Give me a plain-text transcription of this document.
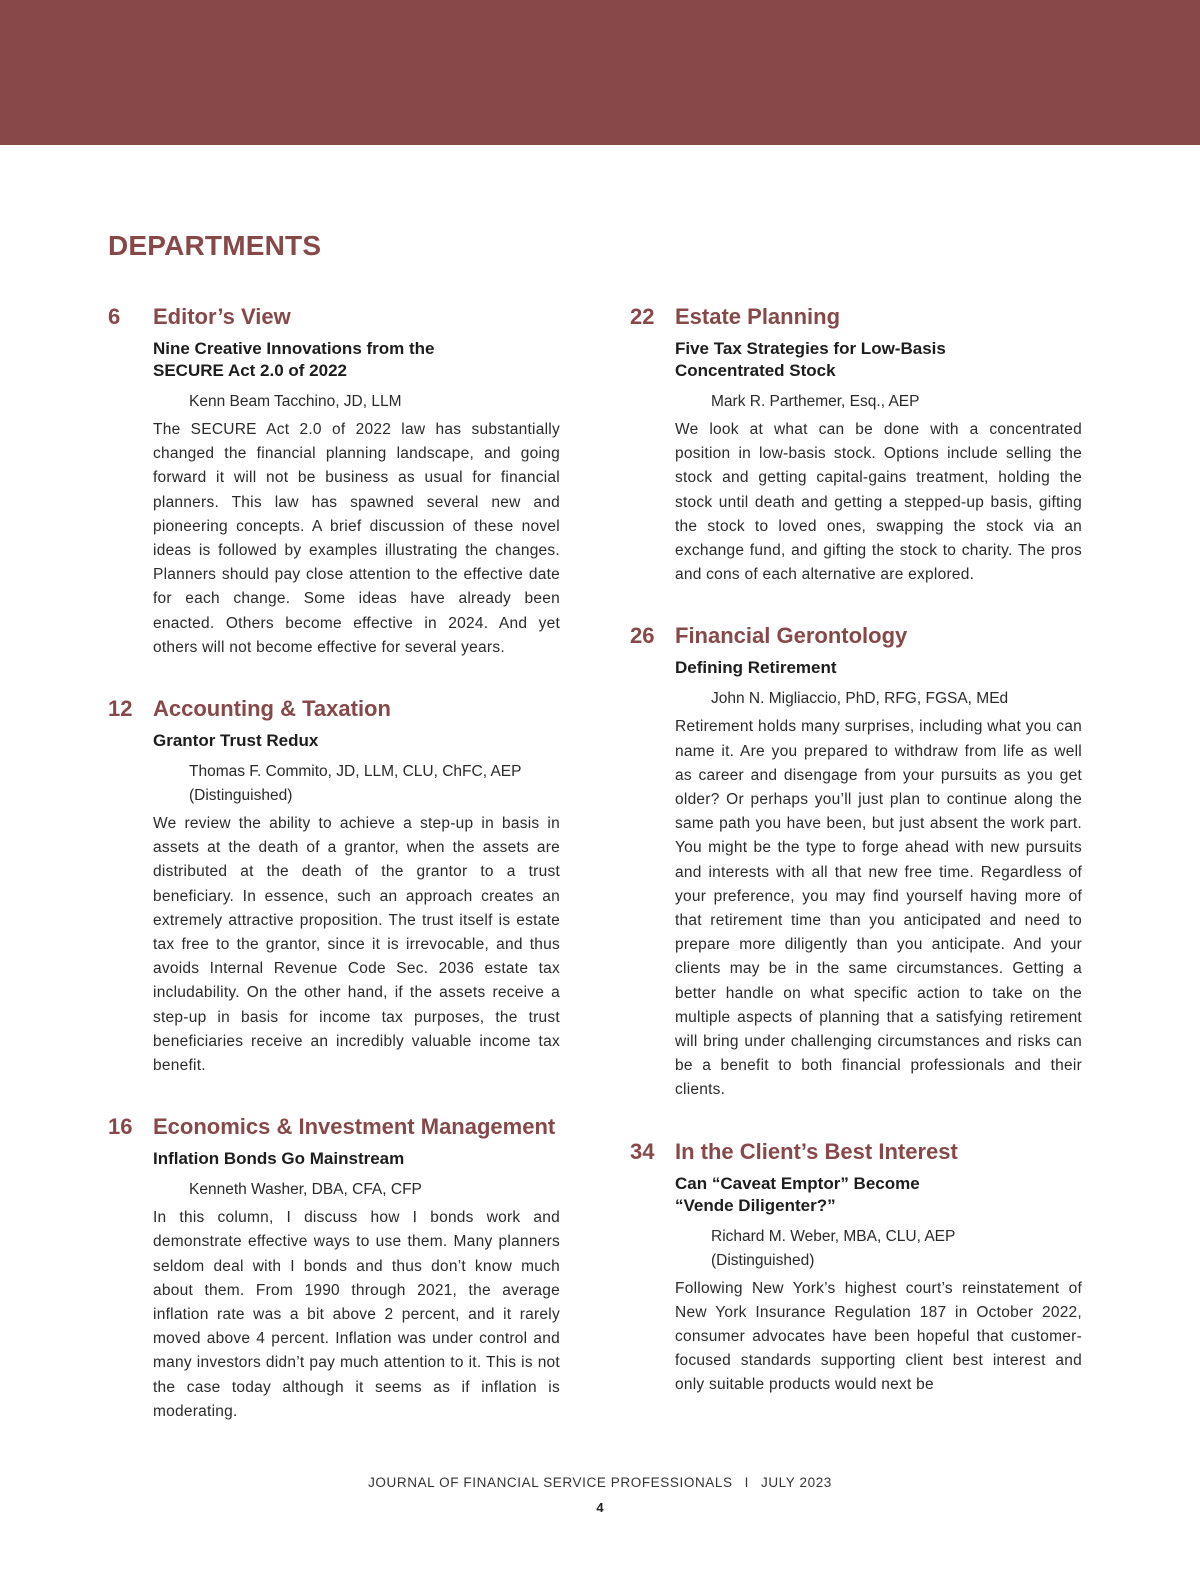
DEPARTMENTS
6	Editor’s View
Nine Creative Innovations from the SECURE Act 2.0 of 2022
Kenn Beam Tacchino, JD, LLM

The SECURE Act 2.0 of 2022 law has substantially changed the financial planning landscape, and going forward it will not be business as usual for financial planners. This law has spawned several new and pioneering concepts. A brief discussion of these novel ideas is followed by examples illustrating the changes. Planners should pay close attention to the effective date for each change. Some ideas have already been enacted. Others become effective in 2024. And yet others will not become effective for several years.

12 Accounting & Taxation
Grantor Trust Redux
Thomas F. Commito, JD, LLM, CLU, ChFC, AEP (Distinguished)

We review the ability to achieve a step-up in basis in assets at the death of a grantor, when the assets are distributed at the death of the grantor to a trust beneficiary. In essence, such an approach creates an extremely attractive proposition. The trust itself is estate tax free to the grantor, since it is irrevocable, and thus avoids Internal Revenue Code Sec. 2036 estate tax includability. On the other hand, if the assets receive a step-up in basis for income tax purposes, the trust beneficiaries receive an incredibly valuable income tax benefit.

16 Economics & Investment Management
Inflation Bonds Go Mainstream
Kenneth Washer, DBA, CFA, CFP

In this column, I discuss how I bonds work and demonstrate effective ways to use them. Many planners seldom deal with I bonds and thus don’t know much about them. From 1990 through 2021, the average inflation rate was a bit above 2 percent, and it rarely moved above 4 percent. Inflation was under control and many investors didn’t pay much attention to it. This is not the case today although it seems as if inflation is moderating.

22 Estate Planning
Five Tax Strategies for Low-Basis Concentrated Stock
Mark R. Parthemer, Esq., AEP

We look at what can be done with a concentrated position in low-basis stock. Options include selling the stock and getting capital-gains treatment, holding the stock until death and getting a stepped-up basis, gifting the stock to loved ones, swapping the stock via an exchange fund, and gifting the stock to charity. The pros and cons of each alternative are explored.

26 Financial Gerontology
Defining Retirement
John N. Migliaccio, PhD, RFG, FGSA, MEd

Retirement holds many surprises, including what you can name it. Are you prepared to withdraw from life as well as career and disengage from your pursuits as you get older? Or perhaps you’ll just plan to continue along the same path you have been, but just absent the work part. You might be the type to forge ahead with new pursuits and interests with all that new free time. Regardless of your preference, you may find yourself having more of that retirement time than you anticipated and need to prepare more diligently than you anticipate. And your clients may be in the same circumstances. Getting a better handle on what specific action to take on the multiple aspects of planning that a satisfying retirement will bring under challenging circumstances and risks can be a benefit to both financial professionals and their clients.

34 In the Client’s Best Interest
Can “Caveat Emptor” Become “Vende Diligenter?”
Richard M. Weber, MBA, CLU, AEP (Distinguished)

Following New York’s highest court’s reinstatement of New York Insurance Regulation 187 in October 2022, consumer advocates have been hopeful that customer-focused standards supporting client best interest and only suitable products would next be

JOURNAL OF FINANCIAL SERVICE PROFESSIONALS I JULY 2023
4
